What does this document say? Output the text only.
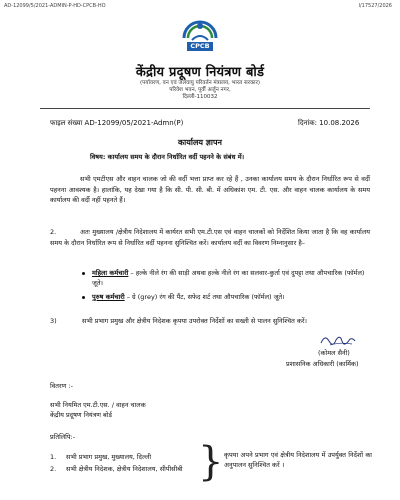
AD-12099/5/2021-ADMIN-P-HD-CPCB-HO	I/17527/2026
CPCB
केंद्रीय प्रदूषण नियंत्रण बोर्ड
(पर्यावरण, वन एवं जलवायु परिवर्तन मंत्रालय, भारत सरकार)
परिवेश भवन, पूर्वी अर्जुन नगर,
दिल्ली-110032
फाइल संख्या AD-12099/05/2021-Admn(P)	दिनांक: 10.08.2026
कार्यालय ज्ञापन
विषय: कार्यालय समय के दौरान निर्धारित वर्दी पहनने के संबंध में।
सभी एमटीएस और वाहन चालक जो की वर्दी भत्ता प्राप्त कर रहे हैं , उनका कार्यालय समय के दौरान निर्धारित रूप से वर्दी पहनना आवश्यक है। हालांकि, यह देखा गया है कि सी. पी. सी. बी. में अधिकांश एम. टी. एस. और वाहन चालक कार्यालय के समय कार्यालय की वर्दी नहीं पहनते हैं।
2.	अतः मुख्यालय /क्षेत्रीय निदेशालय में कार्यरत सभी एम.टी.एस एवं वाहन चालकों को निर्देशित किया जाता है कि वह कार्यालय समय के दौरान निर्धारित रूप से निर्धारित वर्दी पहनना सुनिश्चित करें। कार्यालय वर्दी का विवरण निम्नानुसार है–
महिला कर्मचारी – हल्के नीले रंग की साड़ी अथवा हल्के नीले रंग का सलवार-कुर्ता एवं दुपट्टा तथा औपचारिक (फॉर्मल) जूते।
पुरुष कर्मचारी – ग्रे (grey) रंग की पैंट, सफेद शर्ट तथा औपचारिक (फॉर्मल) जूते।
3)	सभी प्रभाग प्रमुख और क्षेत्रीय निदेशक कृपया उपरोक्त निर्देशों का सख्ती से पालन सुनिश्चित करें।
(कोमल सैनी)
प्रशासनिक अधिकारी (कार्मिक)
वितरण :-
सभी नियमित एम.टी.एस. / वाहन चालक
केंद्रीय प्रदूषण नियंत्रण बोर्ड
प्रतिलिपि:-
1. सभी प्रभाग प्रमुख, मुख्यालय, दिल्ली
2. सभी क्षेत्रीय निदेशक, क्षेत्रीय निदेशालय, सीपीसीबी } कृपया अपने प्रभाग एवं क्षेत्रीय निदेशालय में उपर्युक्त निर्देशों का अनुपालन सुनिश्चित करें ।
